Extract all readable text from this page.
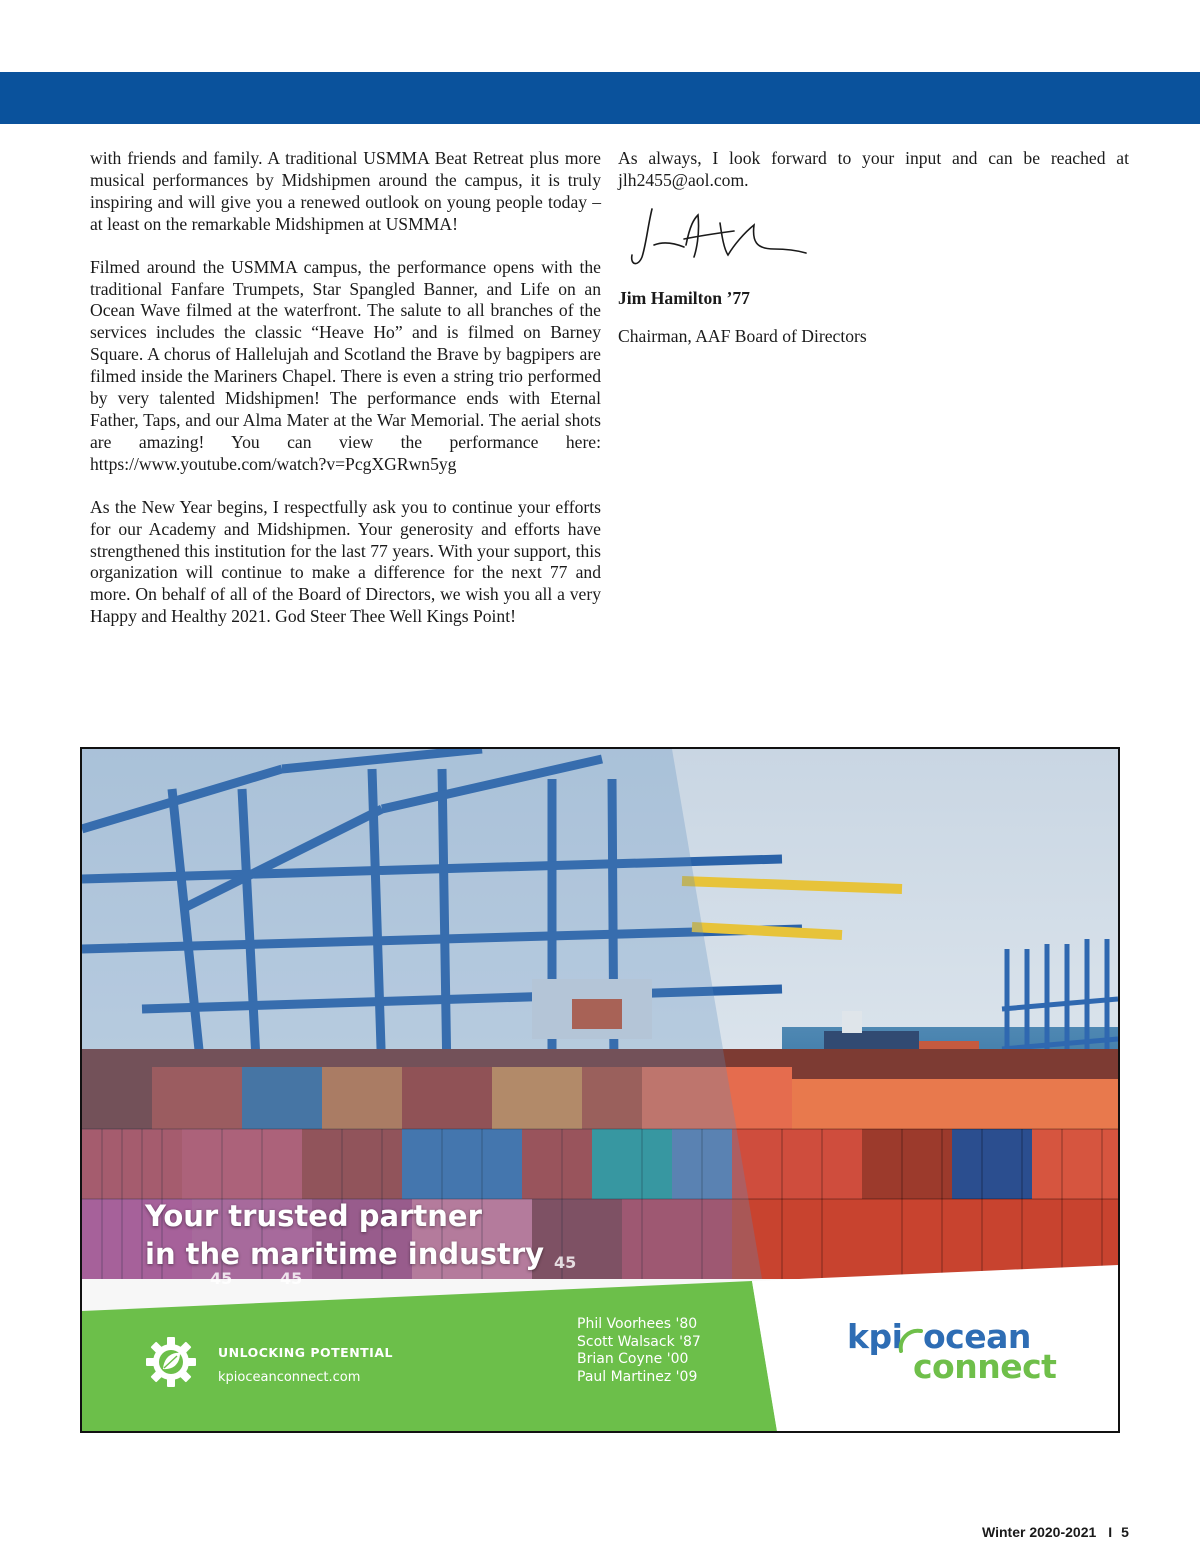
with friends and family. A traditional USMMA Beat Retreat plus more musical performances by Midshipmen around the campus, it is truly inspiring and will give you a renewed outlook on young people today – at least on the remarkable Midshipmen at USMMA!

Filmed around the USMMA campus, the performance opens with the traditional Fanfare Trumpets, Star Spangled Banner, and Life on an Ocean Wave filmed at the waterfront. The salute to all branches of the services includes the classic “Heave Ho” and is filmed on Barney Square. A chorus of Hallelujah and Scotland the Brave by bagpipers are filmed inside the Mariners Chapel. There is even a string trio performed by very talented Midshipmen! The performance ends with Eternal Father, Taps, and our Alma Mater at the War Memorial. The aerial shots are amazing! You can view the performance here: https://www.youtube.com/watch?v=PcgXGRwn5yg

As the New Year begins, I respectfully ask you to continue your efforts for our Academy and Midshipmen. Your generosity and efforts have strengthened this institution for the last 77 years. With your support, this organization will continue to make a difference for the next 77 and more. On behalf of all of the Board of Directors, we wish you all a very Happy and Healthy 2021. God Steer Thee Well Kings Point!

As always, I look forward to your input and can be reached at jlh2455@aol.com.

Jim Hamilton ’77
Chairman, AAF Board of Directors
45	45
45
Your trusted partner
in the maritime industry
UNLOCKING POTENTIAL
kpioceanconnect.com
Phil Voorhees '80
Scott Walsack '87
Brian Coyne '00
Paul Martinez '09
kpi ocean
connect
Winter 2020-2021 I 5
